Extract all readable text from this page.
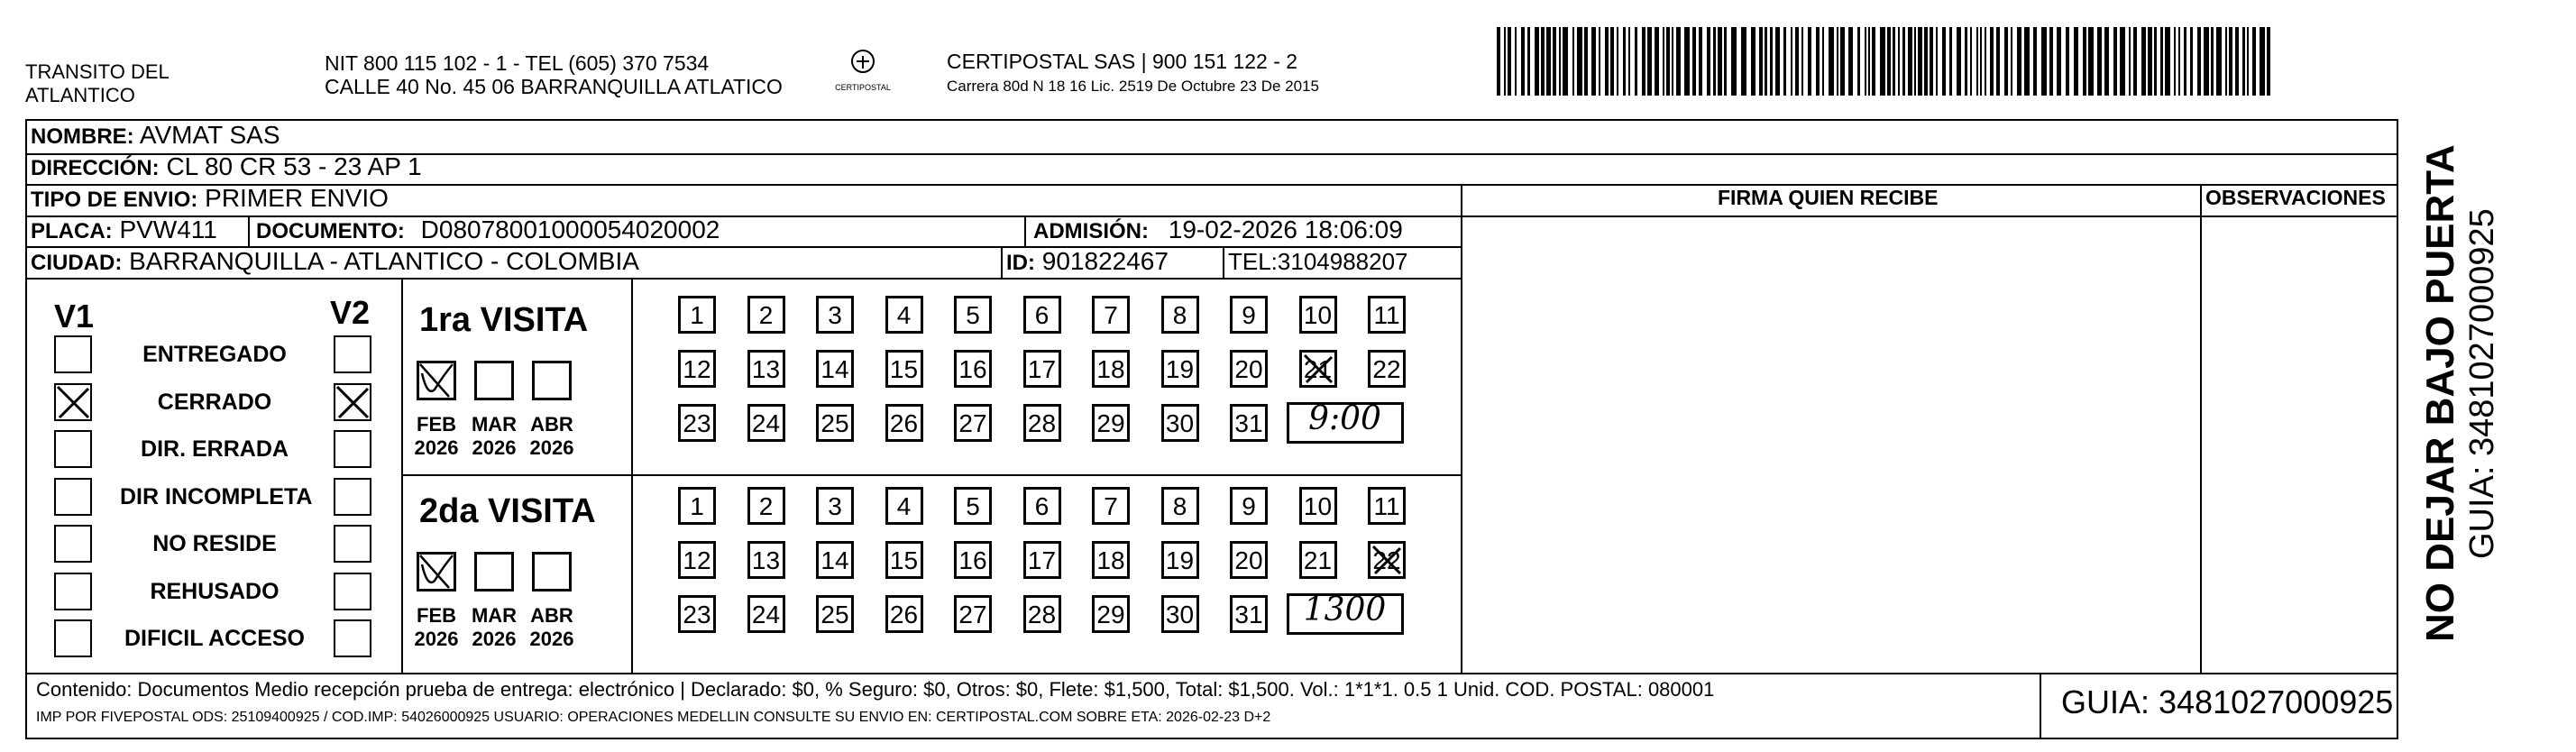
TRANSITO DEL
ATLANTICO
NIT 800 115 102 - 1 - TEL (605) 370 7534
CALLE 40 No. 45 06 BARRANQUILLA ATLATICO	CERTIPOSTAL
CERTIPOSTAL SAS | 900 151 122 - 2
Carrera 80d N 18 16 Lic. 2519 De Octubre 23 De 2015
NOMBRE: AVMAT SAS
DIRECCIÓN: CL 80 CR 53 - 23 AP 1
TIPO DE ENVIO: PRIMER ENVIO
PLACA: PVW411 DOCUMENTO: D08078001000054020002	ADMISIÓN: 19-02-2026 18:06:09
CIUDAD: BARRANQUILLA - ATLANTICO - COLOMBIA	ID: 901822467	TEL:3104988207
FIRMA QUIEN RECIBE	OBSERVACIONES
V1	V2
ENTREGADO
CERRADO
DIR. ERRADA
DIR INCOMPLETA
NO RESIDE
REHUSADO
DIFICIL ACCESO
1ra VISITA
2da VISITA
FEB
2026
MAR
2026
ABR
2026
1	2	3	4	5	6	7	8	9	10 11
12 13 14 15 16 17 18 19 20 21 22
23 24 25 26 27 28 29 30 31	9:00
FEB
2026
MAR
2026
ABR
2026
1	2	3	4	5	6	7	8	9	10 11
12 13 14 15 16 17 18 19 20 21 22
23 24 25 26 27 28 29 30 31	1300
Contenido: Documentos Medio recepción prueba de entrega: electrónico | Declarado: $0, % Seguro: $0, Otros: $0, Flete: $1,500, Total: $1,500. Vol.: 1*1*1. 0.5 1 Unid. COD. POSTAL: 080001
IMP POR FIVEPOSTAL ODS: 25109400925 / COD.IMP: 54026000925 USUARIO: OPERACIONES MEDELLIN CONSULTE SU ENVIO EN: CERTIPOSTAL.COM SOBRE ETA: 2026-02-23 D+2	GUIA: 3481027000925
NO DEJAR BAJO PUERTA GUIA: 3481027000925
